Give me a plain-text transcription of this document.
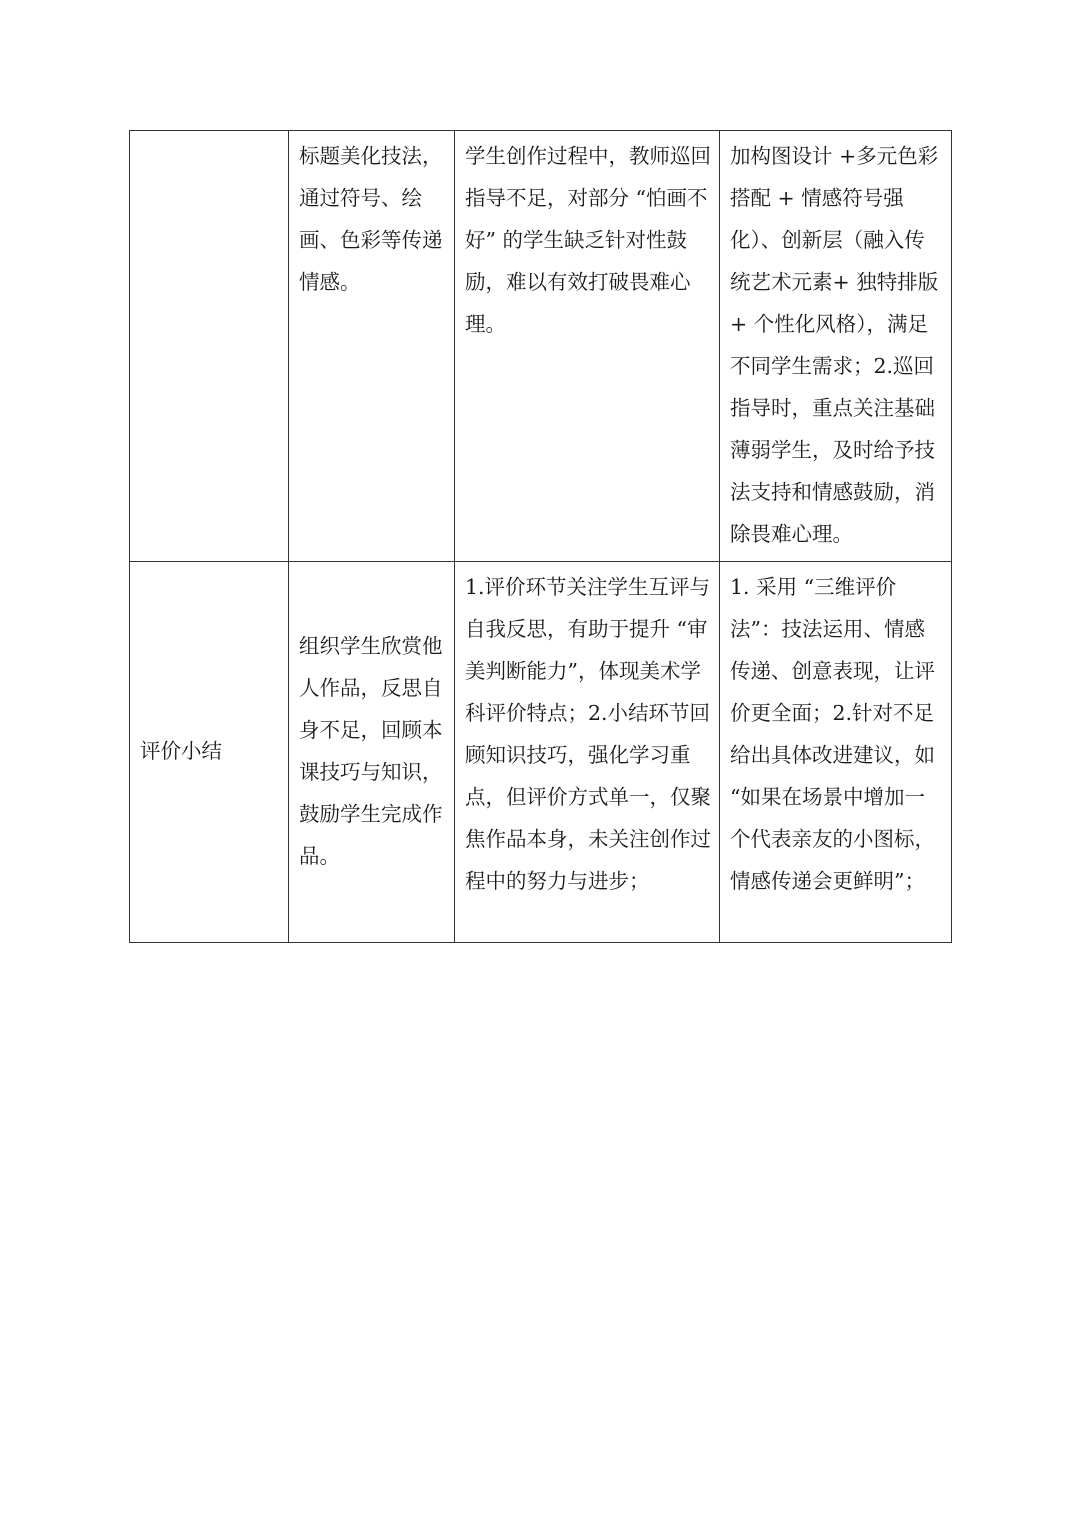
	标题美化技法，通过符号、绘画、色彩等传递情感。	学生创作过程中，教师巡回指导不足，对部分 “怕画不好” 的学生缺乏针对性鼓励，难以有效打破畏难心理。	加构图设计 +多元色彩搭配 + 情感符号强化）、创新层（融入传统艺术元素+ 独特排版 + 个性化风格），满足不同学生需求；2.巡回指导时，重点关注基础薄弱学生，及时给予技法支持和情感鼓励，消除畏难心理。

评价小结	组织学生欣赏他人作品，反思自身不足，回顾本课技巧与知识，鼓励学生完成作品。	1.评价环节关注学生互评与自我反思，有助于提升 “审美判断能力”，体现美术学科评价特点；2.小结环节回顾知识技巧，强化学习重点，但评价方式单一，仅聚焦作品本身，未关注创作过程中的努力与进步；	1. 采用 “三维评价法”：技法运用、情感传递、创意表现，让评价更全面；2.针对不足给出具体改进建议，如 “如果在场景中增加一个代表亲友的小图标，情感传递会更鲜明”；
